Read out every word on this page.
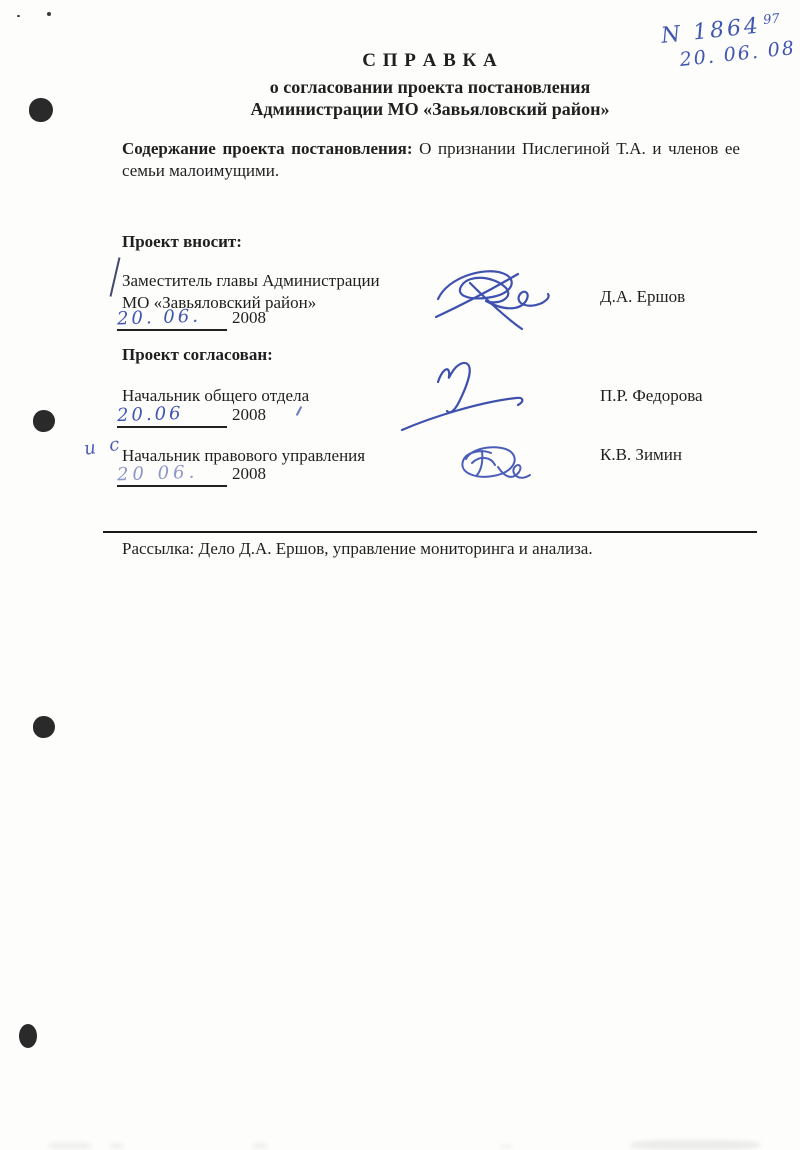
N 1864$^{97}$
20. 06. 08
С П Р А В К А
о согласовании проекта постановления
Администрации МО «Завьяловский район»
Содержание проекта постановления: О признании Пислегиной Т.А. и членов ее семьи малоимущими.
Проект вносит:
Заместитель главы Администрации
МО «Завьяловский район»
20. 06. 2008
Д.А. Ершов
Проект согласован:
Начальник общего отдела
20.06	2008
П.Р. Федорова
и с
Начальник правового управления
20 06. 2008
К.В. Зимин
Рассылка: Дело Д.А. Ершов, управление мониторинга и анализа.
